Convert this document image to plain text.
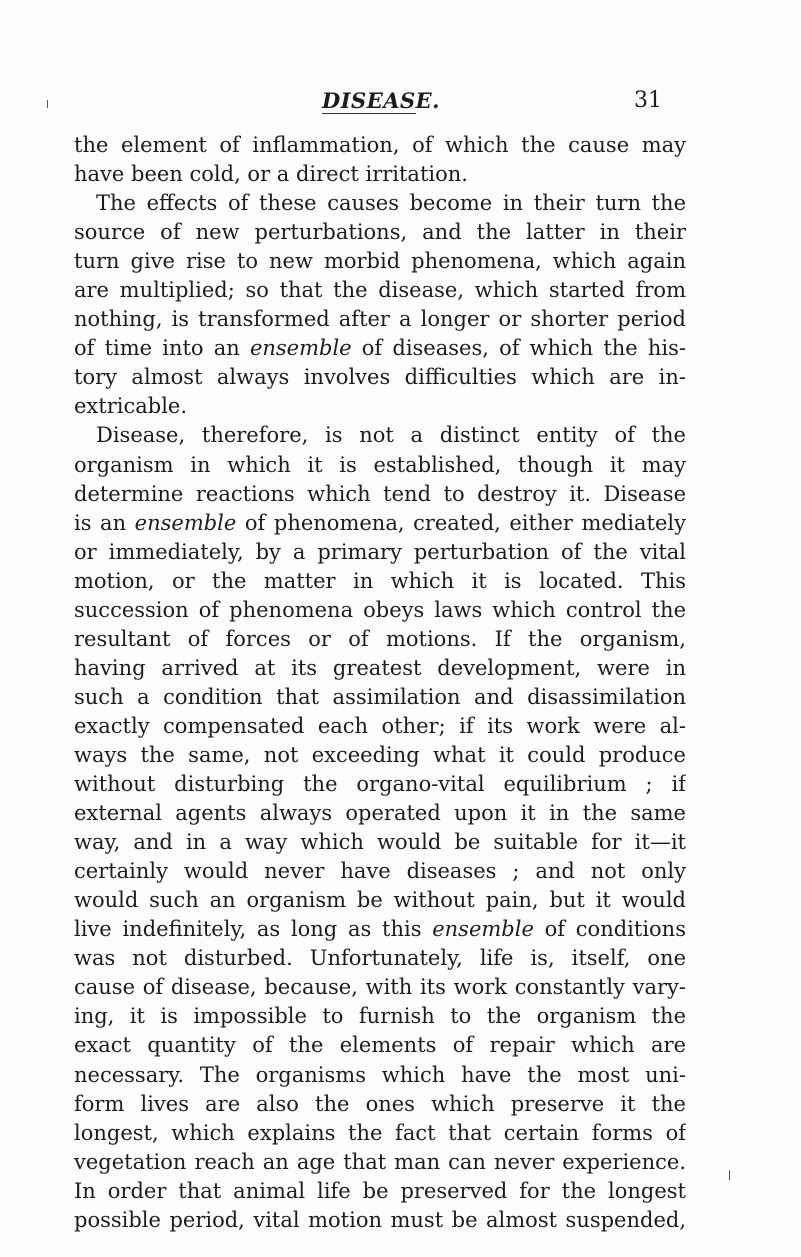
DISEASE.	31
the element of inflammation, of which the cause may
have been cold, or a direct irritation.
The effects of these causes become in their turn the
source of new perturbations, and the latter in their
turn give rise to new morbid phenomena, which again
are multiplied; so that the disease, which started from
nothing, is transformed after a longer or shorter period
of time into an ensemble of diseases, of which the his-
tory almost always involves difficulties which are in-
extricable.
Disease, therefore, is not a distinct entity of the
organism in which it is established, though it may
determine reactions which tend to destroy it. Disease
is an ensemble of phenomena, created, either mediately
or immediately, by a primary perturbation of the vital
motion, or the matter in which it is located. This
succession of phenomena obeys laws which control the
resultant of forces or of motions. If the organism,
having arrived at its greatest development, were in
such a condition that assimilation and disassimilation
exactly compensated each other; if its work were al-
ways the same, not exceeding what it could produce
without disturbing the organo-vital equilibrium ; if
external agents always operated upon it in the same
way, and in a way which would be suitable for it—it
certainly would never have diseases ; and not only
would such an organism be without pain, but it would
live indefinitely, as long as this ensemble of conditions
was not disturbed. Unfortunately, life is, itself, one
cause of disease, because, with its work constantly vary-
ing, it is impossible to furnish to the organism the
exact quantity of the elements of repair which are
necessary. The organisms which have the most uni-
form lives are also the ones which preserve it the
longest, which explains the fact that certain forms of
vegetation reach an age that man can never experience.
In order that animal life be preserved for the longest
possible period, vital motion must be almost suspended,
